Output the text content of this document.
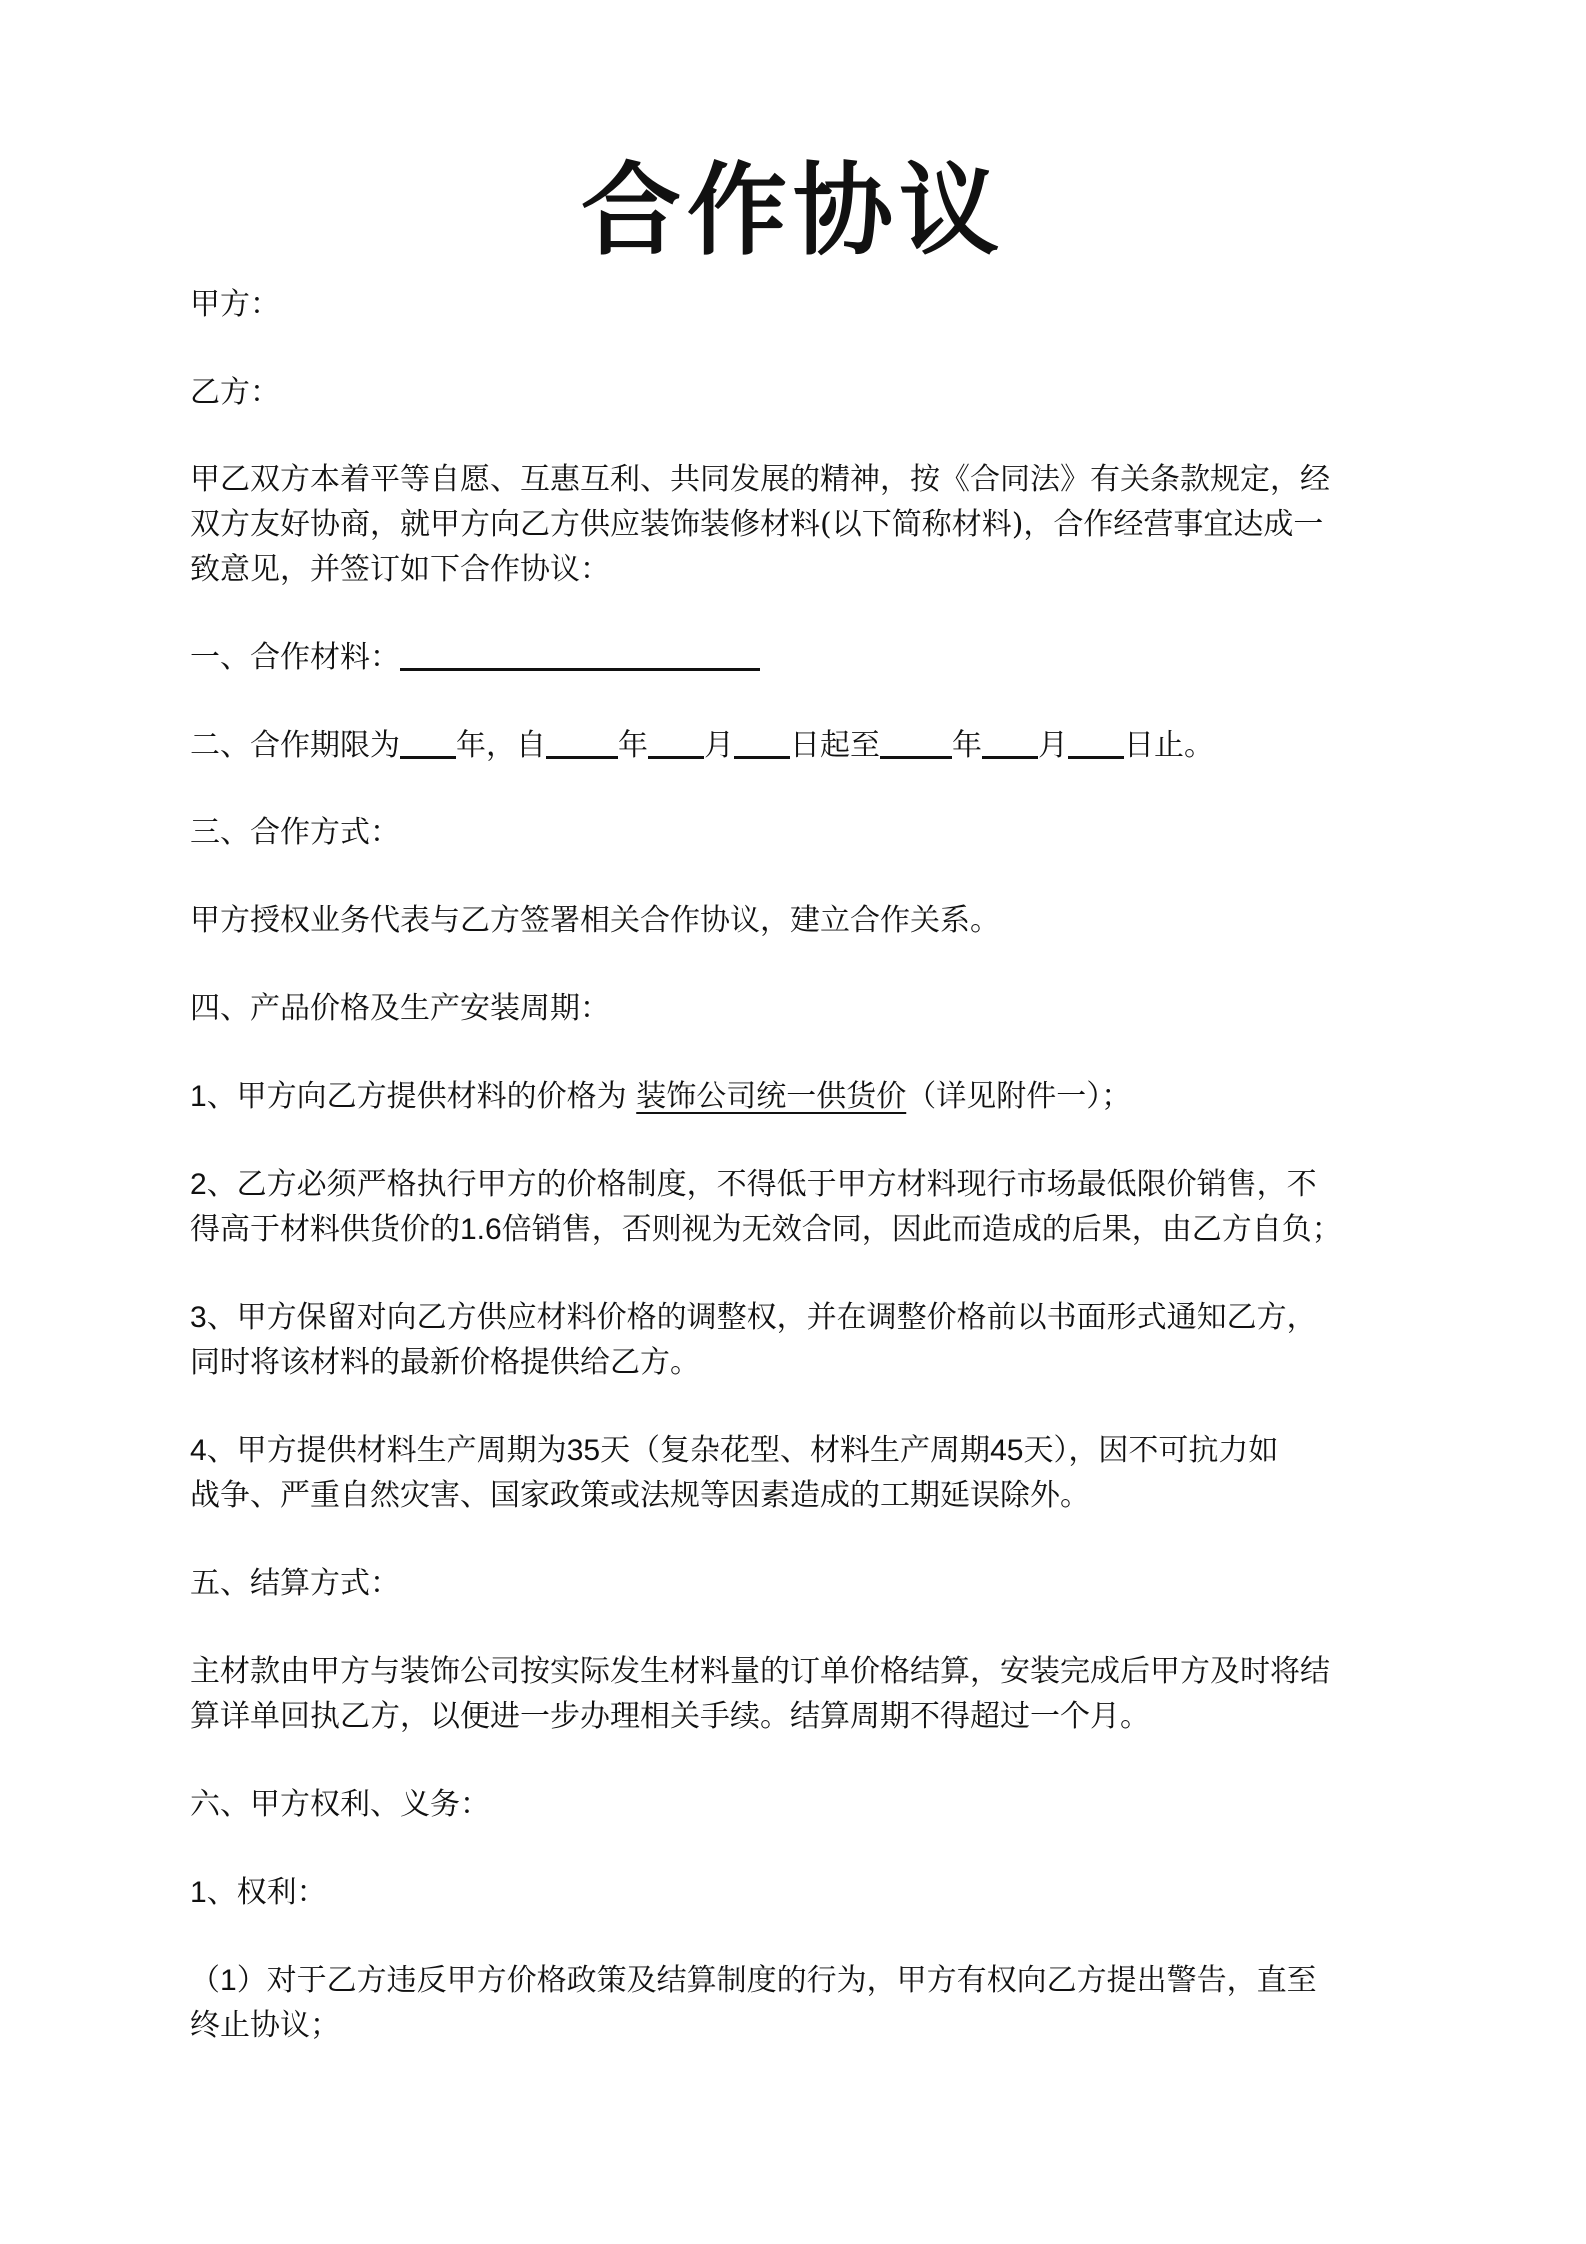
合作协议
甲方：
乙方：
甲乙双方本着平等自愿、互惠互利、共同发展的精神，按《合同法》有关条款规定，经
双方友好协商，就甲方向乙方供应装饰装修材料(以下简称材料)，合作经营事宜达成一
致意见，并签订如下合作协议：
一、合作材料：
二、合作期限为 年，自 年 月 日起至 年 月 日止。
三、合作方式：
甲方授权业务代表与乙方签署相关合作协议，建立合作关系。
四、产品价格及生产安装周期：
1、甲方向乙方提供材料的价格为 装饰公司统一供货价（详见附件一）；
2、乙方必须严格执行甲方的价格制度，不得低于甲方材料现行市场最低限价销售，不
得高于材料供货价的1.6倍销售，否则视为无效合同，因此而造成的后果，由乙方自负；
3、甲方保留对向乙方供应材料价格的调整权，并在调整价格前以书面形式通知乙方，
同时将该材料的最新价格提供给乙方。
4、甲方提供材料生产周期为35天（复杂花型、材料生产周期45天），因不可抗力如
战争、严重自然灾害、国家政策或法规等因素造成的工期延误除外。
五、结算方式：
主材款由甲方与装饰公司按实际发生材料量的订单价格结算，安装完成后甲方及时将结
算详单回执乙方，以便进一步办理相关手续。结算周期不得超过一个月。
六、甲方权利、义务：
1、权利：
（1）对于乙方违反甲方价格政策及结算制度的行为，甲方有权向乙方提出警告，直至
终止协议；
